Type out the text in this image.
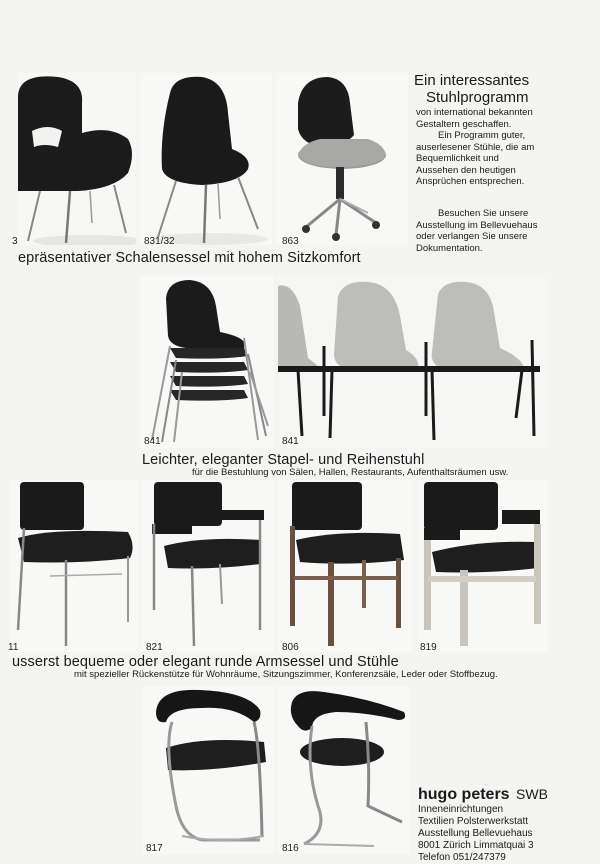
3	831/32	863
Ein interessantes
Stuhlprogramm
von international bekannten
Gestaltern geschaffen.
Ein Programm guter,
auserlesener Stühle, die am
Bequemlichkeit und
Aussehen den heutigen
Ansprüchen entsprechen.
Besuchen Sie unsere
Ausstellung im Bellevuehaus
oder verlangen Sie unsere
Dokumentation.
epräsentativer Schalensessel mit hohem Sitzkomfort
841	841
Leichter, eleganter Stapel- und Reihenstuhl
für die Bestuhlung von Sälen, Hallen, Restaurants, Aufenthaltsräumen usw.
11	821	806	819
usserst bequeme oder elegant runde Armsessel und Stühle
mit spezieller Rückenstütze für Wohnräume, Sitzungszimmer, Konferenzsäle, Leder oder Stoffbezug.
817	816
hugo peters SWB
Inneneinrichtungen
Textilien Polsterwerkstatt
Ausstellung Bellevuehaus
8001 Zürich Limmatquai 3
Telefon 051/247379
